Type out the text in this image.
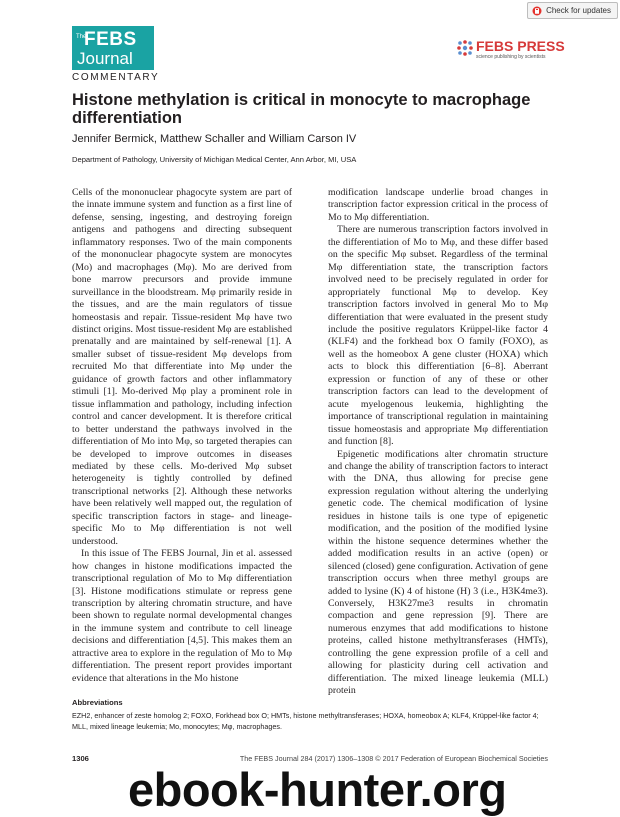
Check for updates
The
FEBS
Journal
COMMENTARY
FEBS PRESS
science publishing by scientists
Histone methylation is critical in monocyte to macrophage differentiation
Jennifer Bermick, Matthew Schaller and William Carson IV
Department of Pathology, University of Michigan Medical Center, Ann Arbor, MI, USA

Cells of the mononuclear phagocyte system are part of the innate immune system and function as a first line of defense, sensing, ingesting, and destroying foreign antigens and pathogens and directing subsequent inflammatory responses. Two of the main components of the mononuclear phagocyte system are monocytes (Mo) and macrophages (Mφ). Mo are derived from bone marrow precursors and provide immune surveillance in the bloodstream. Mφ primarily reside in the tissues, and are the main regulators of tissue homeostasis and repair. Tissue-resident Mφ have two distinct origins. Most tissue-resident Mφ are established prenatally and are maintained by self-renewal [1]. A smaller subset of tissue-resident Mφ develops from recruited Mo that differentiate into Mφ under the guidance of growth factors and other inflammatory stimuli [1]. Mo-derived Mφ play a prominent role in tissue inflammation and pathology, including infection control and cancer development. It is therefore critical to better understand the pathways involved in the differentiation of Mo into Mφ, so targeted therapies can be developed to improve outcomes in diseases mediated by these cells. Mo-derived Mφ subset heterogeneity is tightly controlled by defined transcriptional networks [2]. Although these networks have been relatively well mapped out, the regulation of specific transcription factors in stage- and lineage-specific Mo to Mφ differentiation is not well understood.

In this issue of The FEBS Journal, Jin et al. assessed how changes in histone modifications impacted the transcriptional regulation of Mo to Mφ differentiation [3]. Histone modifications stimulate or repress gene transcription by altering chromatin structure, and have been shown to regulate normal developmental changes in the immune system and contribute to cell lineage decisions and differentiation [4,5]. This makes them an attractive area to explore in the regulation of Mo to Mφ differentiation. The present report provides important evidence that alterations in the Mo histone

modification landscape underlie broad changes in transcription factor expression critical in the process of Mo to Mφ differentiation.

There are numerous transcription factors involved in the differentiation of Mo to Mφ, and these differ based on the specific Mφ subset. Regardless of the terminal Mφ differentiation state, the transcription factors involved need to be precisely regulated in order for appropriately functional Mφ to develop. Key transcription factors involved in general Mo to Mφ differentiation that were evaluated in the present study include the positive regulators Krüppel-like factor 4 (KLF4) and the forkhead box O family (FOXO), as well as the homeobox A gene cluster (HOXA) which acts to block this differentiation [6–8]. Aberrant expression or function of any of these or other transcription factors can lead to the development of acute myelogenous leukemia, highlighting the importance of transcriptional regulation in maintaining tissue homeostasis and appropriate Mφ differentiation and function [8].

Epigenetic modifications alter chromatin structure and change the ability of transcription factors to interact with the DNA, thus allowing for precise gene expression regulation without altering the underlying genetic code. The chemical modification of lysine residues in histone tails is one type of epigenetic modification, and the position of the modified lysine within the histone sequence determines whether the added modification results in an active (open) or silenced (closed) gene configuration. Activation of gene transcription occurs when three methyl groups are added to lysine (K) 4 of histone (H) 3 (i.e., H3K4me3). Conversely, H3K27me3 results in chromatin compaction and gene repression [9]. There are numerous enzymes that add modifications to histone proteins, called histone methyltransferases (HMTs), controlling the gene expression profile of a cell and allowing for plasticity during cell activation and differentiation. The mixed lineage leukemia (MLL) protein

Abbreviations
EZH2, enhancer of zeste homolog 2; FOXO, Forkhead box O; HMTs, histone methyltransferases; HOXA, homeobox A; KLF4, Krüppel-like factor 4; MLL, mixed lineage leukemia; Mo, monocytes; Mφ, macrophages.
1306	The FEBS Journal 284 (2017) 1306–1308 © 2017 Federation of European Biochemical Societies
ebook-hunter.org
